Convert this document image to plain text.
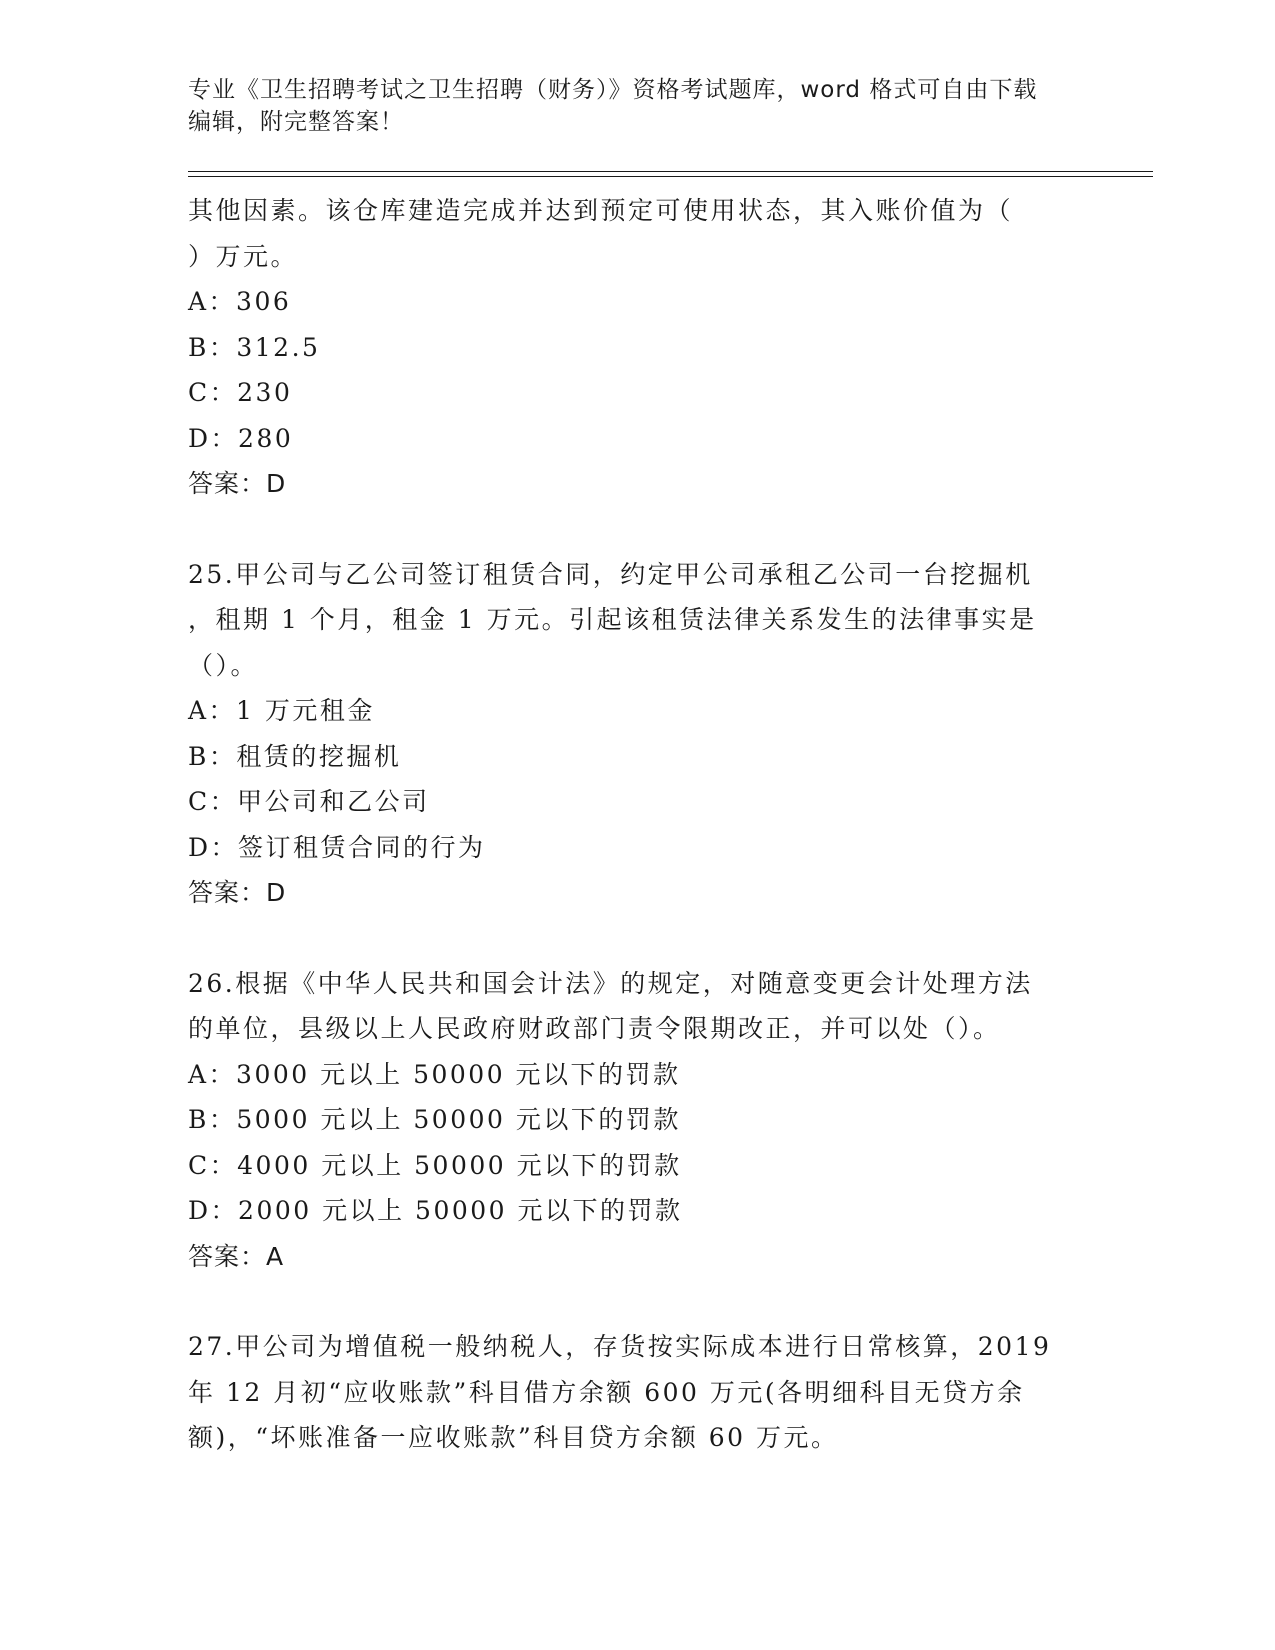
专业《卫生招聘考试之卫生招聘（财务）》资格考试题库，word 格式可自由下载
编辑，附完整答案！
其他因素。该仓库建造完成并达到预定可使用状态，其入账价值为（
）万元。
A：306
B：312.5
C：230
D：280
答案：D
25.甲公司与乙公司签订租赁合同，约定甲公司承租乙公司一台挖掘机
，租期 1 个月，租金 1 万元。引起该租赁法律关系发生的法律事实是
（）。
A：1 万元租金
B：租赁的挖掘机
C：甲公司和乙公司
D：签订租赁合同的行为
答案：D
26.根据《中华人民共和国会计法》的规定，对随意变更会计处理方法
的单位，县级以上人民政府财政部门责令限期改正，并可以处（）。
A：3000 元以上 50000 元以下的罚款
B：5000 元以上 50000 元以下的罚款
C：4000 元以上 50000 元以下的罚款
D：2000 元以上 50000 元以下的罚款
答案：A
27.甲公司为增值税一般纳税人，存货按实际成本进行日常核算，2019
年 12 月初“应收账款”科目借方余额 600 万元(各明细科目无贷方余
额)，“坏账准备一应收账款”科目贷方余额 60 万元。
